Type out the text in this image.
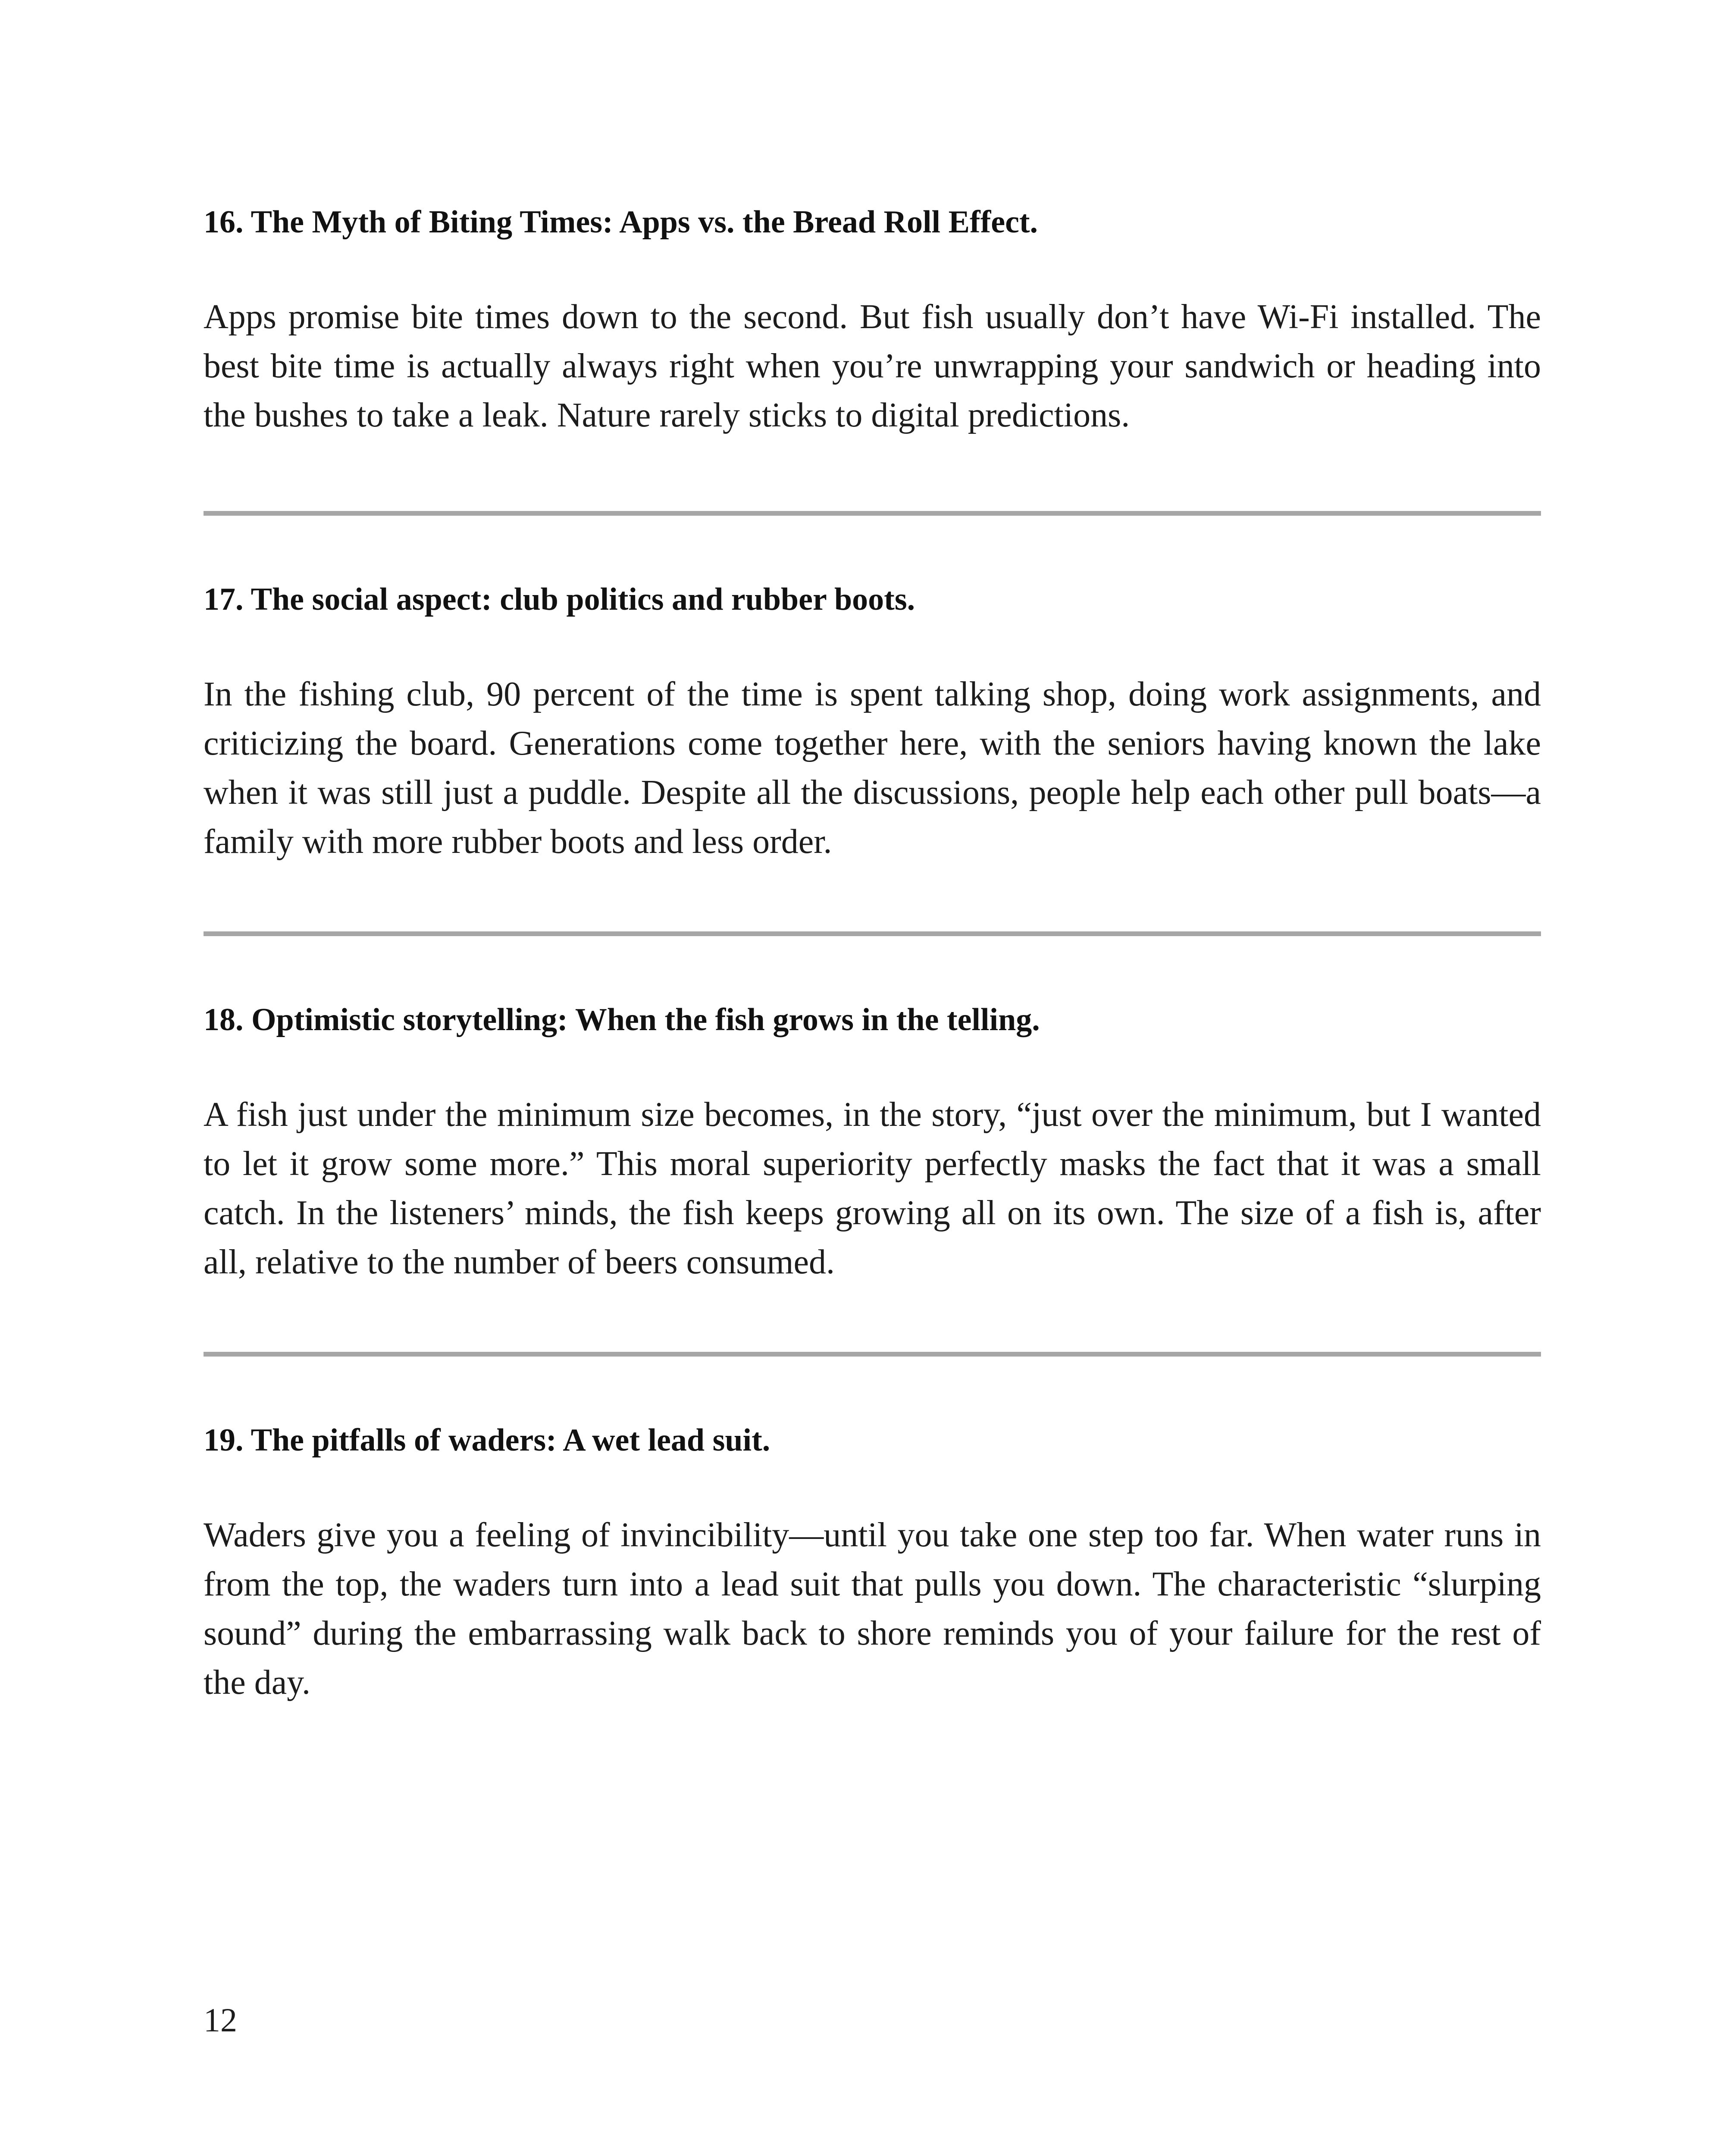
16. The Myth of Biting Times: Apps vs. the Bread Roll Effect.

Apps promise bite times down to the second. But fish usually don’t have Wi-Fi installed. The best bite time is actually always right when you’re unwrapping your sandwich or heading into the bushes to take a leak. Nature rarely sticks to digital predictions.

17. The social aspect: club politics and rubber boots.

In the fishing club, 90 percent of the time is spent talking shop, doing work assignments, and criticizing the board. Generations come together here, with the seniors having known the lake when it was still just a puddle. Despite all the discussions, people help each other pull boats—a family with more rubber boots and less order.

18. Optimistic storytelling: When the fish grows in the telling.

A fish just under the minimum size becomes, in the story, “just over the minimum, but I wanted to let it grow some more.” This moral superiority perfectly masks the fact that it was a small catch. In the listeners’ minds, the fish keeps growing all on its own. The size of a fish is, after all, relative to the number of beers consumed.

19. The pitfalls of waders: A wet lead suit.

Waders give you a feeling of invincibility—until you take one step too far. When water runs in from the top, the waders turn into a lead suit that pulls you down. The characteristic “slurping sound” during the embarrassing walk back to shore reminds you of your failure for the rest of the day.

12
